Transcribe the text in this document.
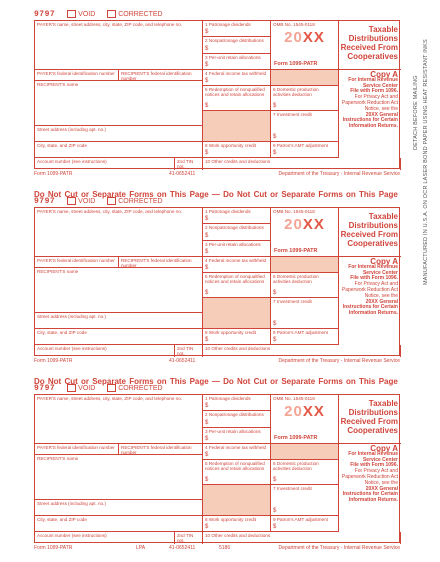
9797	VOID	CORRECTED
PAYER'S name, street address, city, state, ZIP code, and telephone no.
PAYER'S federal identification number	RECIPIENT'S federal identification number
RECIPIENT'S name
Street address (including apt. no.)
City, state, and ZIP code
Account number (see instructions)	2nd TIN not.
1 Patronage dividends
$
2 Nonpatronage distributions
$
3 Per-unit retain allocations
$
4 Federal income tax withheld
$
5 Redemption of nonqualified notices and retain allocations
$
8 Work opportunity credit
$
10 Other credits and deductions
OMB No. 1545-0118
20XX
Form 1099-PATR
6 Domestic production activities deduction
$
7 Investment credit
$
9 Patron's AMT adjustment
$
Taxable Distributions Received From Cooperatives
Copy A
For Internal Revenue Service Center
File with Form 1096.
For Privacy Act and Paperwork Reduction Act Notice, see the
20XX General Instructions for Certain Information Returns.
Form 1099-PATR	41-0652411	Department of the Treasury - Internal Revenue Service
9797	VOID	CORRECTED
PAYER'S name, street address, city, state, ZIP code, and telephone no.
PAYER'S federal identification number	RECIPIENT'S federal identification number
RECIPIENT'S name
Street address (including apt. no.)
City, state, and ZIP code
Account number (see instructions)	2nd TIN not.
1 Patronage dividends
$
2 Nonpatronage distributions
$
3 Per-unit retain allocations
$
4 Federal income tax withheld
$
5 Redemption of nonqualified notices and retain allocations
$
8 Work opportunity credit
$
10 Other credits and deductions
OMB No. 1545-0118
20XX
Form 1099-PATR
6 Domestic production activities deduction
$
7 Investment credit
$
9 Patron's AMT adjustment
$
Taxable Distributions Received From Cooperatives
Copy A
For Internal Revenue Service Center
File with Form 1096.
For Privacy Act and Paperwork Reduction Act Notice, see the
20XX General Instructions for Certain Information Returns.
Form 1099-PATR	41-0652411	Department of the Treasury - Internal Revenue Service
9797	VOID	CORRECTED
PAYER'S name, street address, city, state, ZIP code, and telephone no.
PAYER'S federal identification number	RECIPIENT'S federal identification number
RECIPIENT'S name
Street address (including apt. no.)
City, state, and ZIP code
Account number (see instructions)	2nd TIN not.
1 Patronage dividends
$
2 Nonpatronage distributions
$
3 Per-unit retain allocations
$
4 Federal income tax withheld
$
5 Redemption of nonqualified notices and retain allocations
$
8 Work opportunity credit
$
10 Other credits and deductions
OMB No. 1545-0118
20XX
Form 1099-PATR
6 Domestic production activities deduction
$
7 Investment credit
$
9 Patron's AMT adjustment
$
Taxable Distributions Received From Cooperatives
Copy A
For Internal Revenue Service Center
File with Form 1096.
For Privacy Act and Paperwork Reduction Act Notice, see the
20XX General Instructions for Certain Information Returns.
Form 1099-PATR	41-0652411	Department of the Treasury - Internal Revenue Service
LPA	5186
DETACH BEFORE MAILING MANUFACTURED IN U.S.A. ON OCR LASER BOND PAPER USING HEAT RESISTANT INKS
Do Not Cut or Separate Forms on This Page — Do Not Cut or Separate Forms on This Page
Do Not Cut or Separate Forms on This Page — Do Not Cut or Separate Forms on This Page
